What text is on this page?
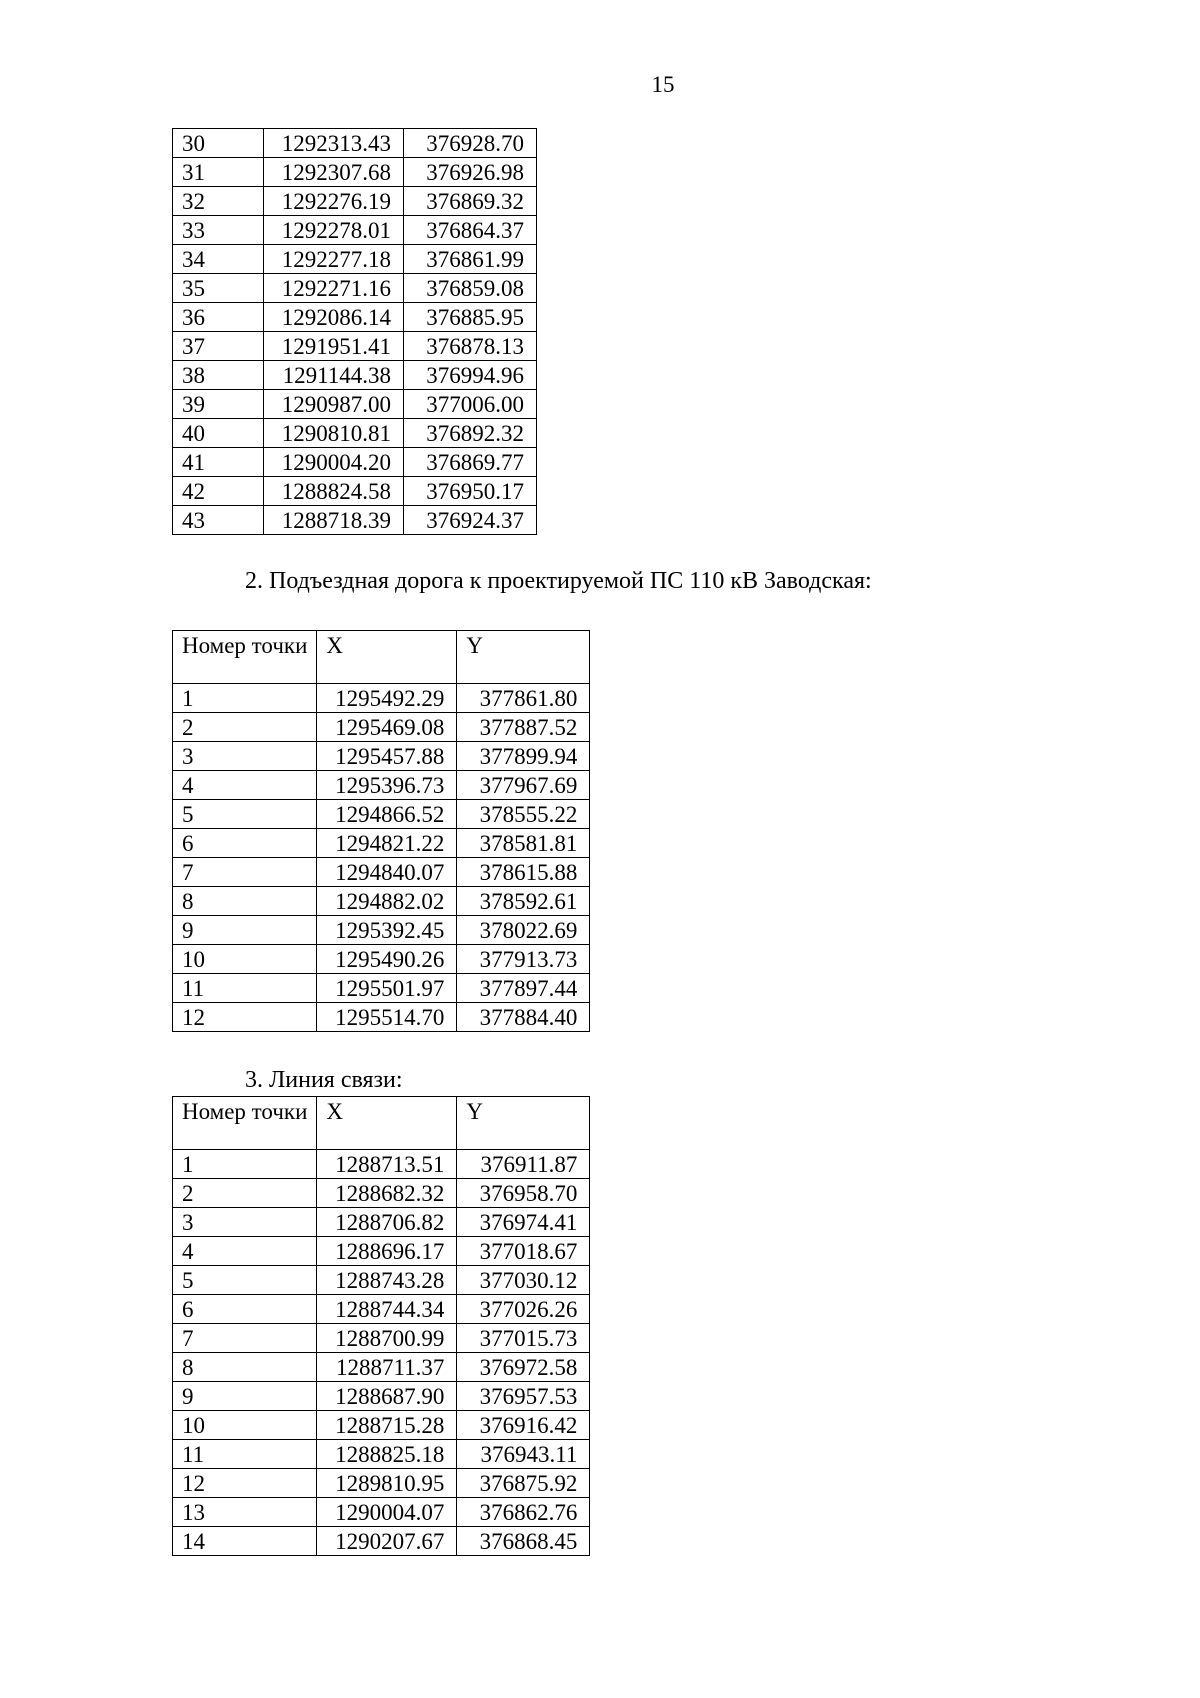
15
30	1292313.43	376928.70
31	1292307.68	376926.98
32	1292276.19	376869.32
33	1292278.01	376864.37
34	1292277.18	376861.99
35	1292271.16	376859.08
36	1292086.14	376885.95
37	1291951.41	376878.13
38	1291144.38	376994.96
39	1290987.00	377006.00
40	1290810.81	376892.32
41	1290004.20	376869.77
42	1288824.58	376950.17
43	1288718.39	376924.37
2. Подъездная дорога к проектируемой ПС 110 кВ Заводская:
Номер точки	X	Y
1	1295492.29	377861.80
2	1295469.08	377887.52
3	1295457.88	377899.94
4	1295396.73	377967.69
5	1294866.52	378555.22
6	1294821.22	378581.81
7	1294840.07	378615.88
8	1294882.02	378592.61
9	1295392.45	378022.69
10	1295490.26	377913.73
11	1295501.97	377897.44
12	1295514.70	377884.40
3. Линия связи:
Номер точки	X	Y
1	1288713.51	376911.87
2	1288682.32	376958.70
3	1288706.82	376974.41
4	1288696.17	377018.67
5	1288743.28	377030.12
6	1288744.34	377026.26
7	1288700.99	377015.73
8	1288711.37	376972.58
9	1288687.90	376957.53
10	1288715.28	376916.42
11	1288825.18	376943.11
12	1289810.95	376875.92
13	1290004.07	376862.76
14	1290207.67	376868.45
